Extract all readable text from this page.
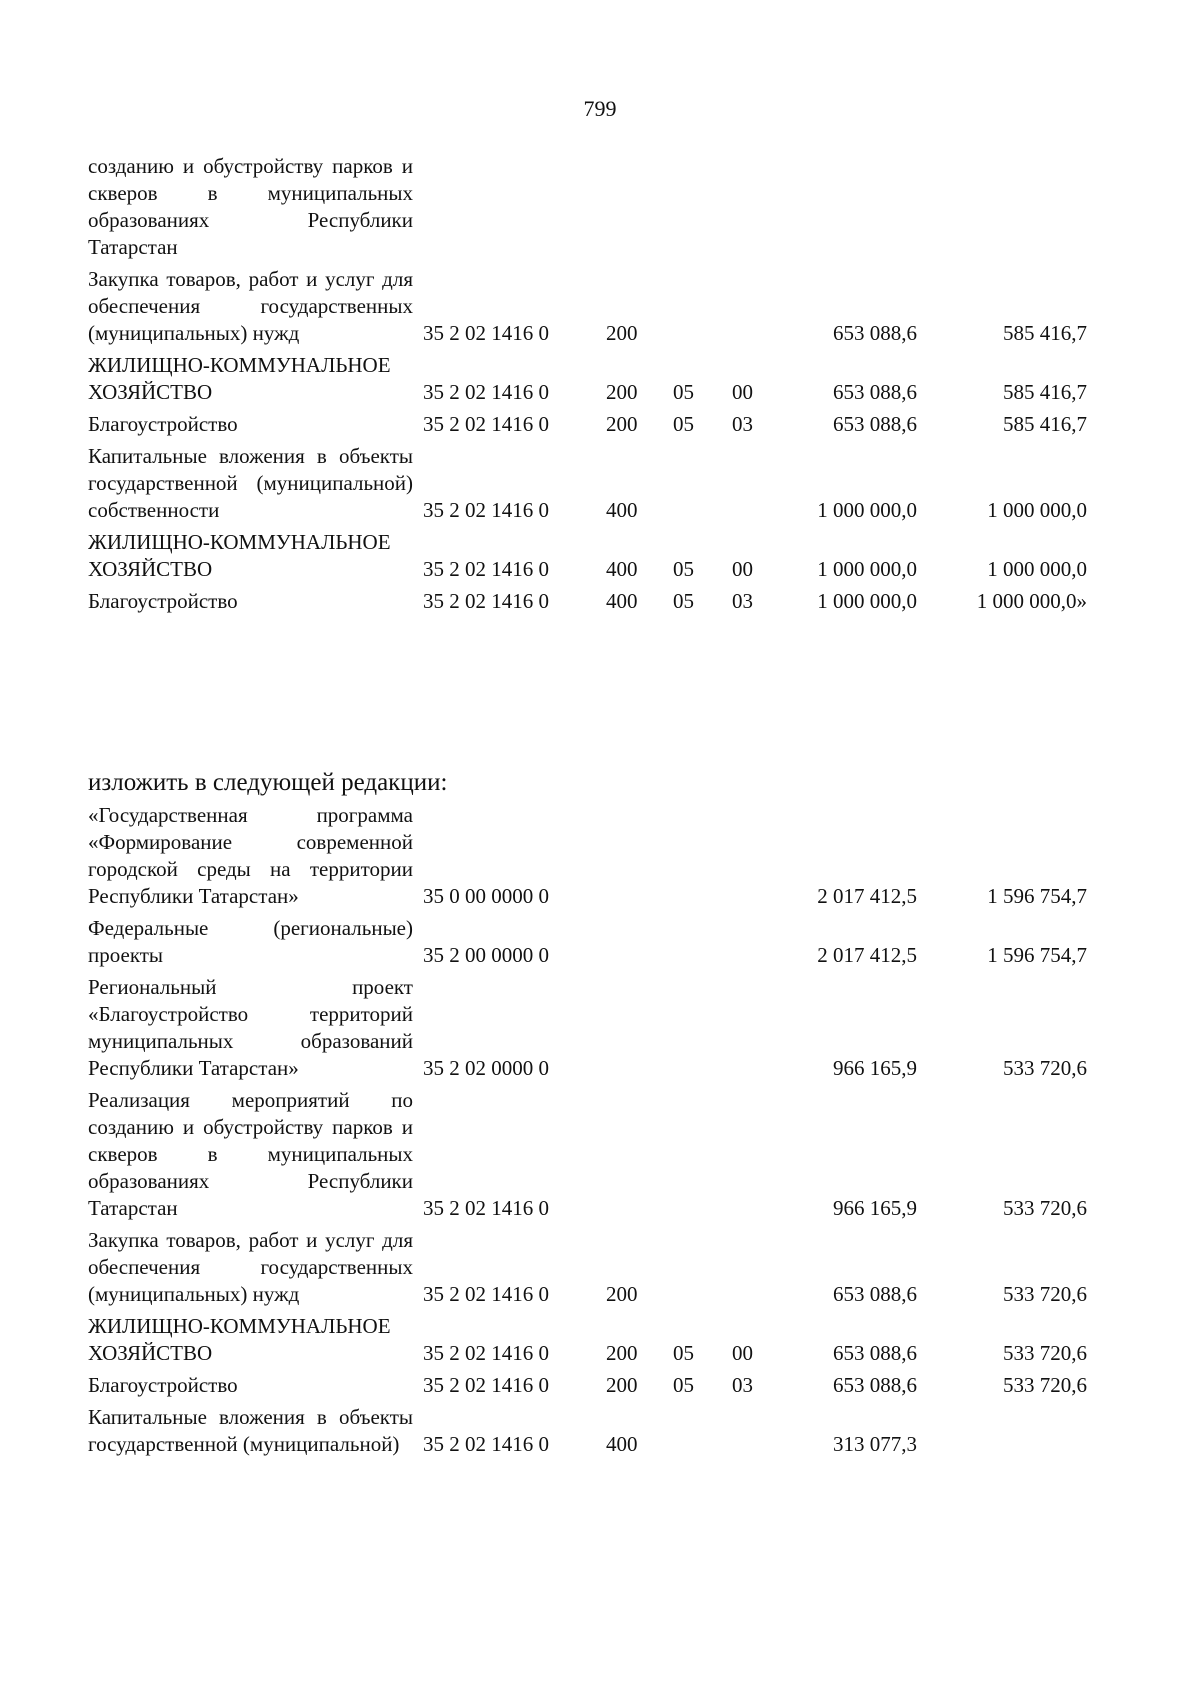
799
созданию и обустройству парков и скверов в муниципальных образованиях Республики Татарстан						
Закупка товаров, работ и услуг для обеспечения государственных (муниципальных) нужд	35 2 02 1416 0	200			653 088,6	585 416,7
ЖИЛИЩНО-КОММУНАЛЬНОЕ ХОЗЯЙСТВО	35 2 02 1416 0	200	05	00	653 088,6	585 416,7
Благоустройство	35 2 02 1416 0	200	05	03	653 088,6	585 416,7
Капитальные вложения в объекты государственной (муниципальной) собственности	35 2 02 1416 0	400			1 000 000,0	1 000 000,0
ЖИЛИЩНО-КОММУНАЛЬНОЕ ХОЗЯЙСТВО	35 2 02 1416 0	400	05	00	1 000 000,0	1 000 000,0
Благоустройство	35 2 02 1416 0	400	05	03	1 000 000,0	1 000 000,0»
изложить в следующей редакции:
«Государственная программа «Формирование современной городской среды на территории Республики Татарстан»	35 0 00 0000 0				2 017 412,5	1 596 754,7
Федеральные (региональные) проекты	35 2 00 0000 0				2 017 412,5	1 596 754,7
Региональный проект «Благоустройство территорий муниципальных образований Республики Татарстан»	35 2 02 0000 0				966 165,9	533 720,6
Реализация мероприятий по созданию и обустройству парков и скверов в муниципальных образованиях Республики Татарстан	35 2 02 1416 0				966 165,9	533 720,6
Закупка товаров, работ и услуг для обеспечения государственных (муниципальных) нужд	35 2 02 1416 0	200			653 088,6	533 720,6
ЖИЛИЩНО-КОММУНАЛЬНОЕ ХОЗЯЙСТВО	35 2 02 1416 0	200	05	00	653 088,6	533 720,6
Благоустройство	35 2 02 1416 0	200	05	03	653 088,6	533 720,6
Капитальные вложения в объекты государственной (муниципальной)	35 2 02 1416 0	400			313 077,3	
